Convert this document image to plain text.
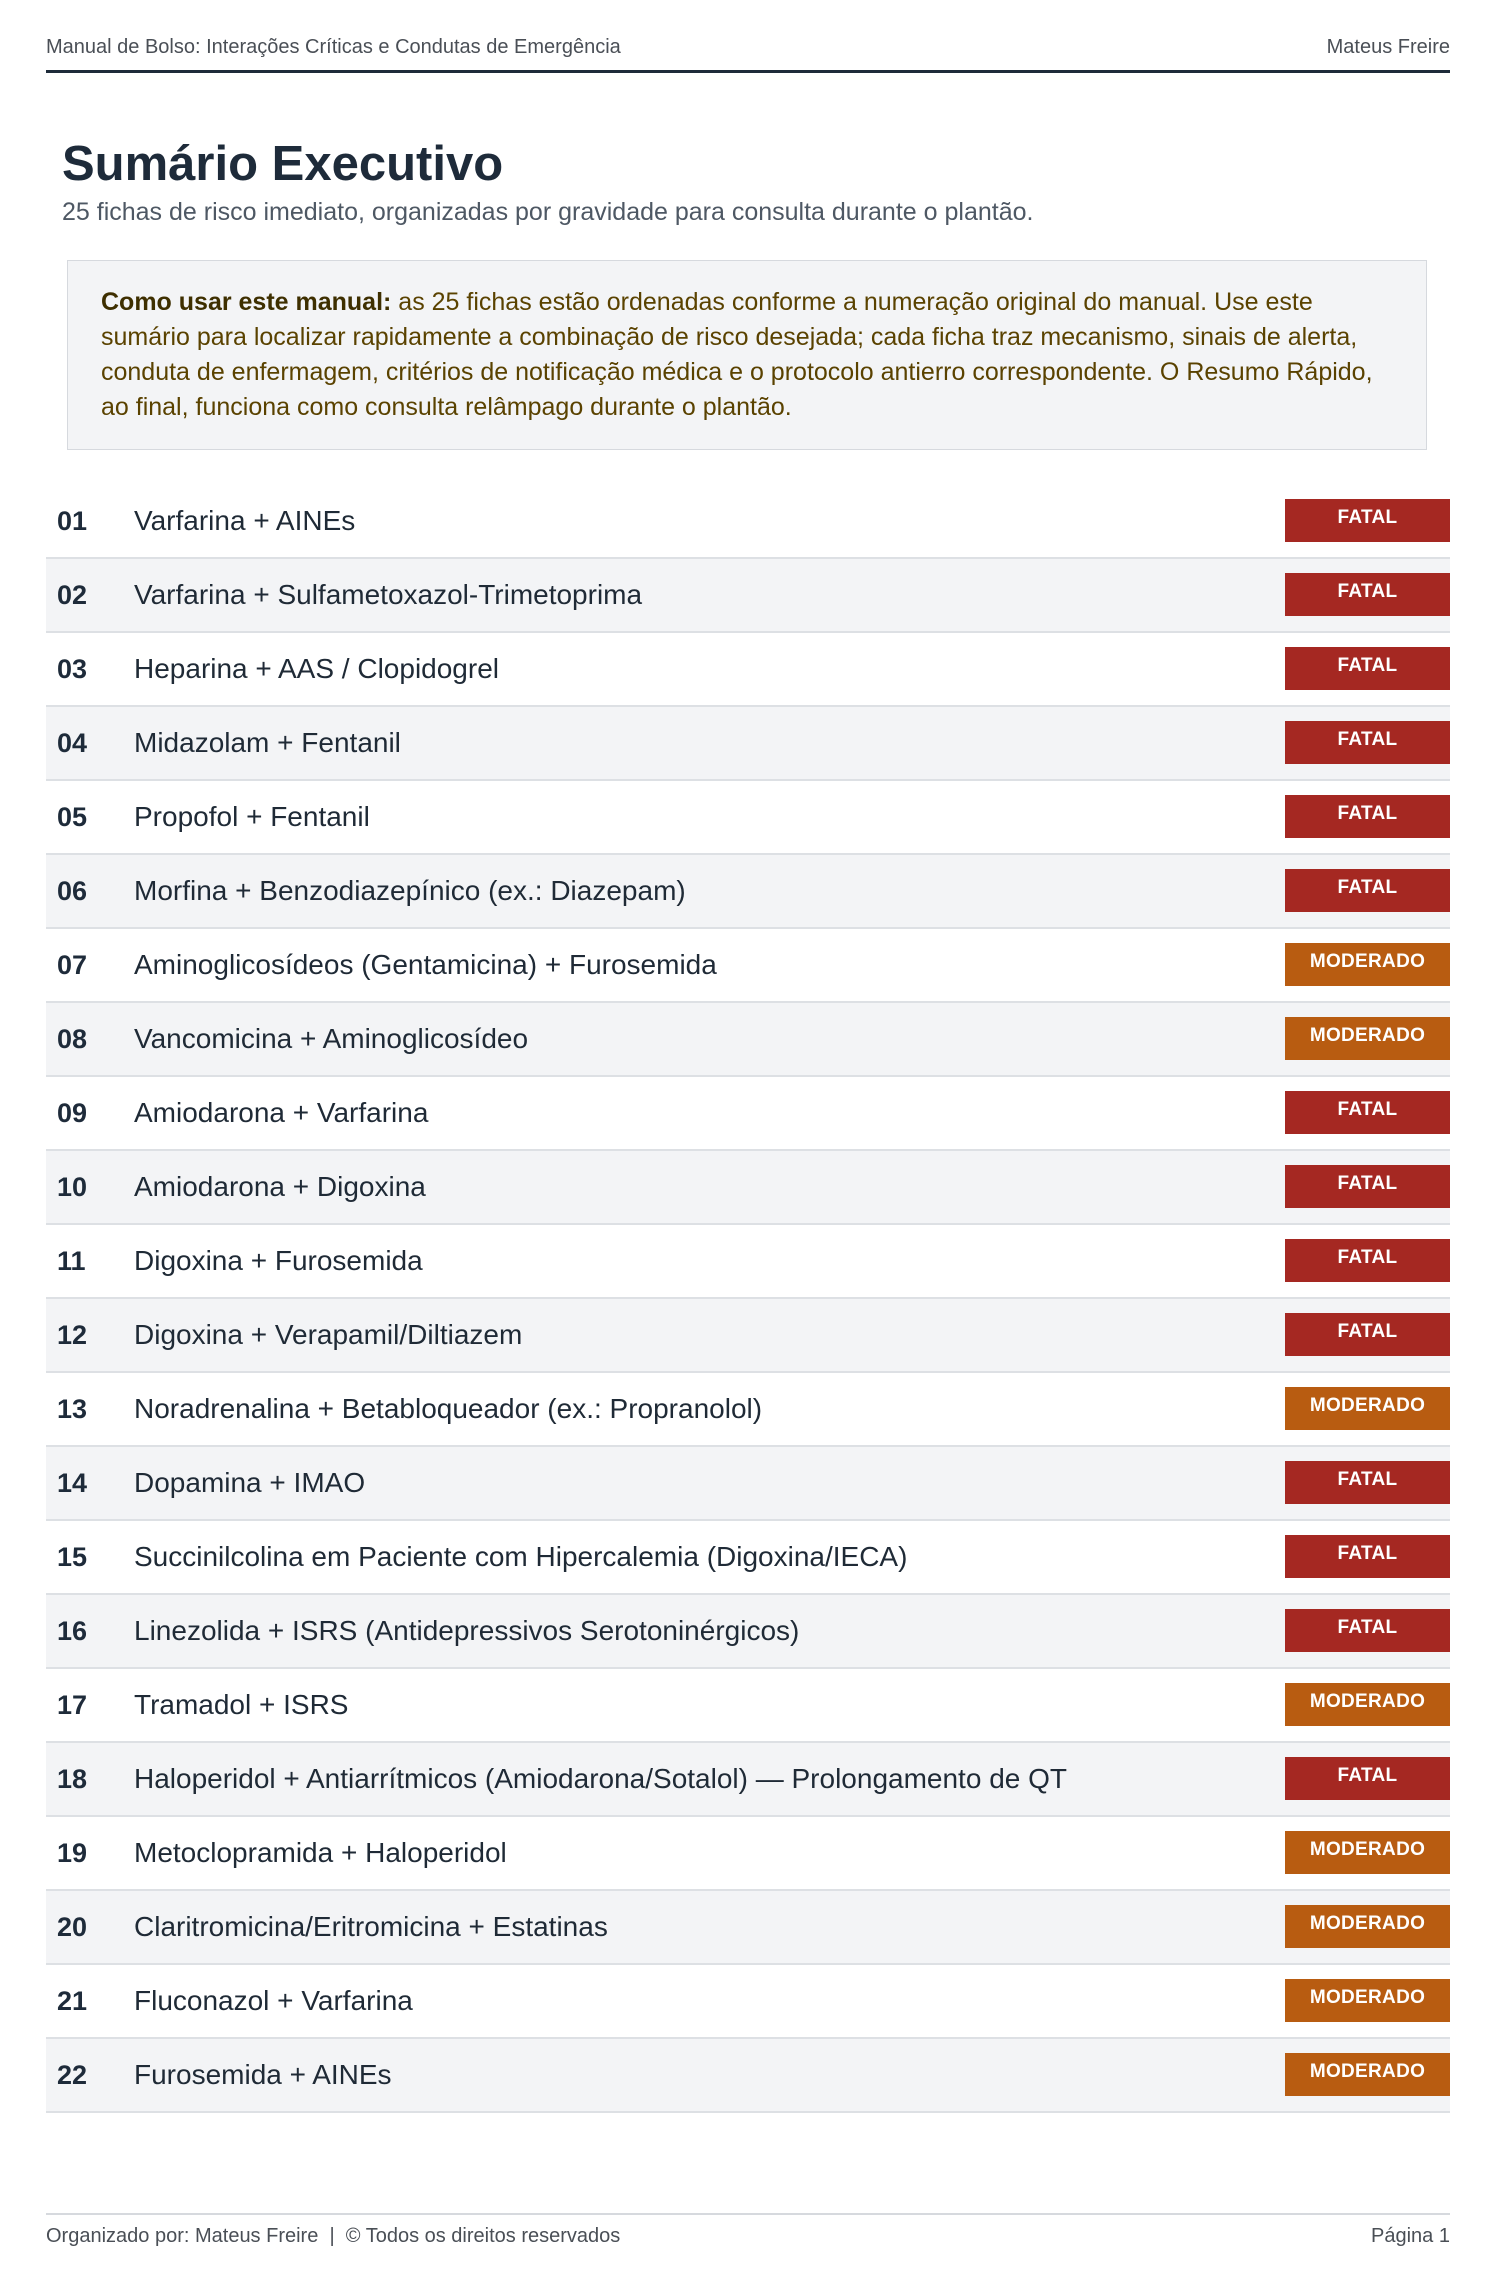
Manual de Bolso: Interações Críticas e Condutas de Emergência	Mateus Freire
Sumário Executivo

25 fichas de risco imediato, organizadas por gravidade para consulta durante o plantão.

Como usar este manual: as 25 fichas estão ordenadas conforme a numeração original do manual. Use este sumário para localizar rapidamente a combinação de risco desejada; cada ficha traz mecanismo, sinais de alerta, conduta de enfermagem, critérios de notificação médica e o protocolo antierro correspondente. O Resumo Rápido, ao final, funciona como consulta relâmpago durante o plantão.
01	Varfarina + AINEs	FATAL
02	Varfarina + Sulfametoxazol-Trimetoprima	FATAL
03	Heparina + AAS / Clopidogrel	FATAL
04	Midazolam + Fentanil	FATAL
05	Propofol + Fentanil	FATAL
06	Morfina + Benzodiazepínico (ex.: Diazepam)	FATAL
07	Aminoglicosídeos (Gentamicina) + Furosemida	MODERADO
08	Vancomicina + Aminoglicosídeo	MODERADO
09	Amiodarona + Varfarina	FATAL
10	Amiodarona + Digoxina	FATAL
11	Digoxina + Furosemida	FATAL
12	Digoxina + Verapamil/Diltiazem	FATAL
13	Noradrenalina + Betabloqueador (ex.: Propranolol)	MODERADO
14	Dopamina + IMAO	FATAL
15	Succinilcolina em Paciente com Hipercalemia (Digoxina/IECA)	FATAL
16	Linezolida + ISRS (Antidepressivos Serotoninérgicos)	FATAL
17	Tramadol + ISRS	MODERADO
18	Haloperidol + Antiarrítmicos (Amiodarona/Sotalol) — Prolongamento de QT	FATAL
19	Metoclopramida + Haloperidol	MODERADO
20	Claritromicina/Eritromicina + Estatinas	MODERADO
21	Fluconazol + Varfarina	MODERADO
22	Furosemida + AINEs	MODERADO
Organizado por: Mateus Freire  |  © Todos os direitos reservados	Página 1
